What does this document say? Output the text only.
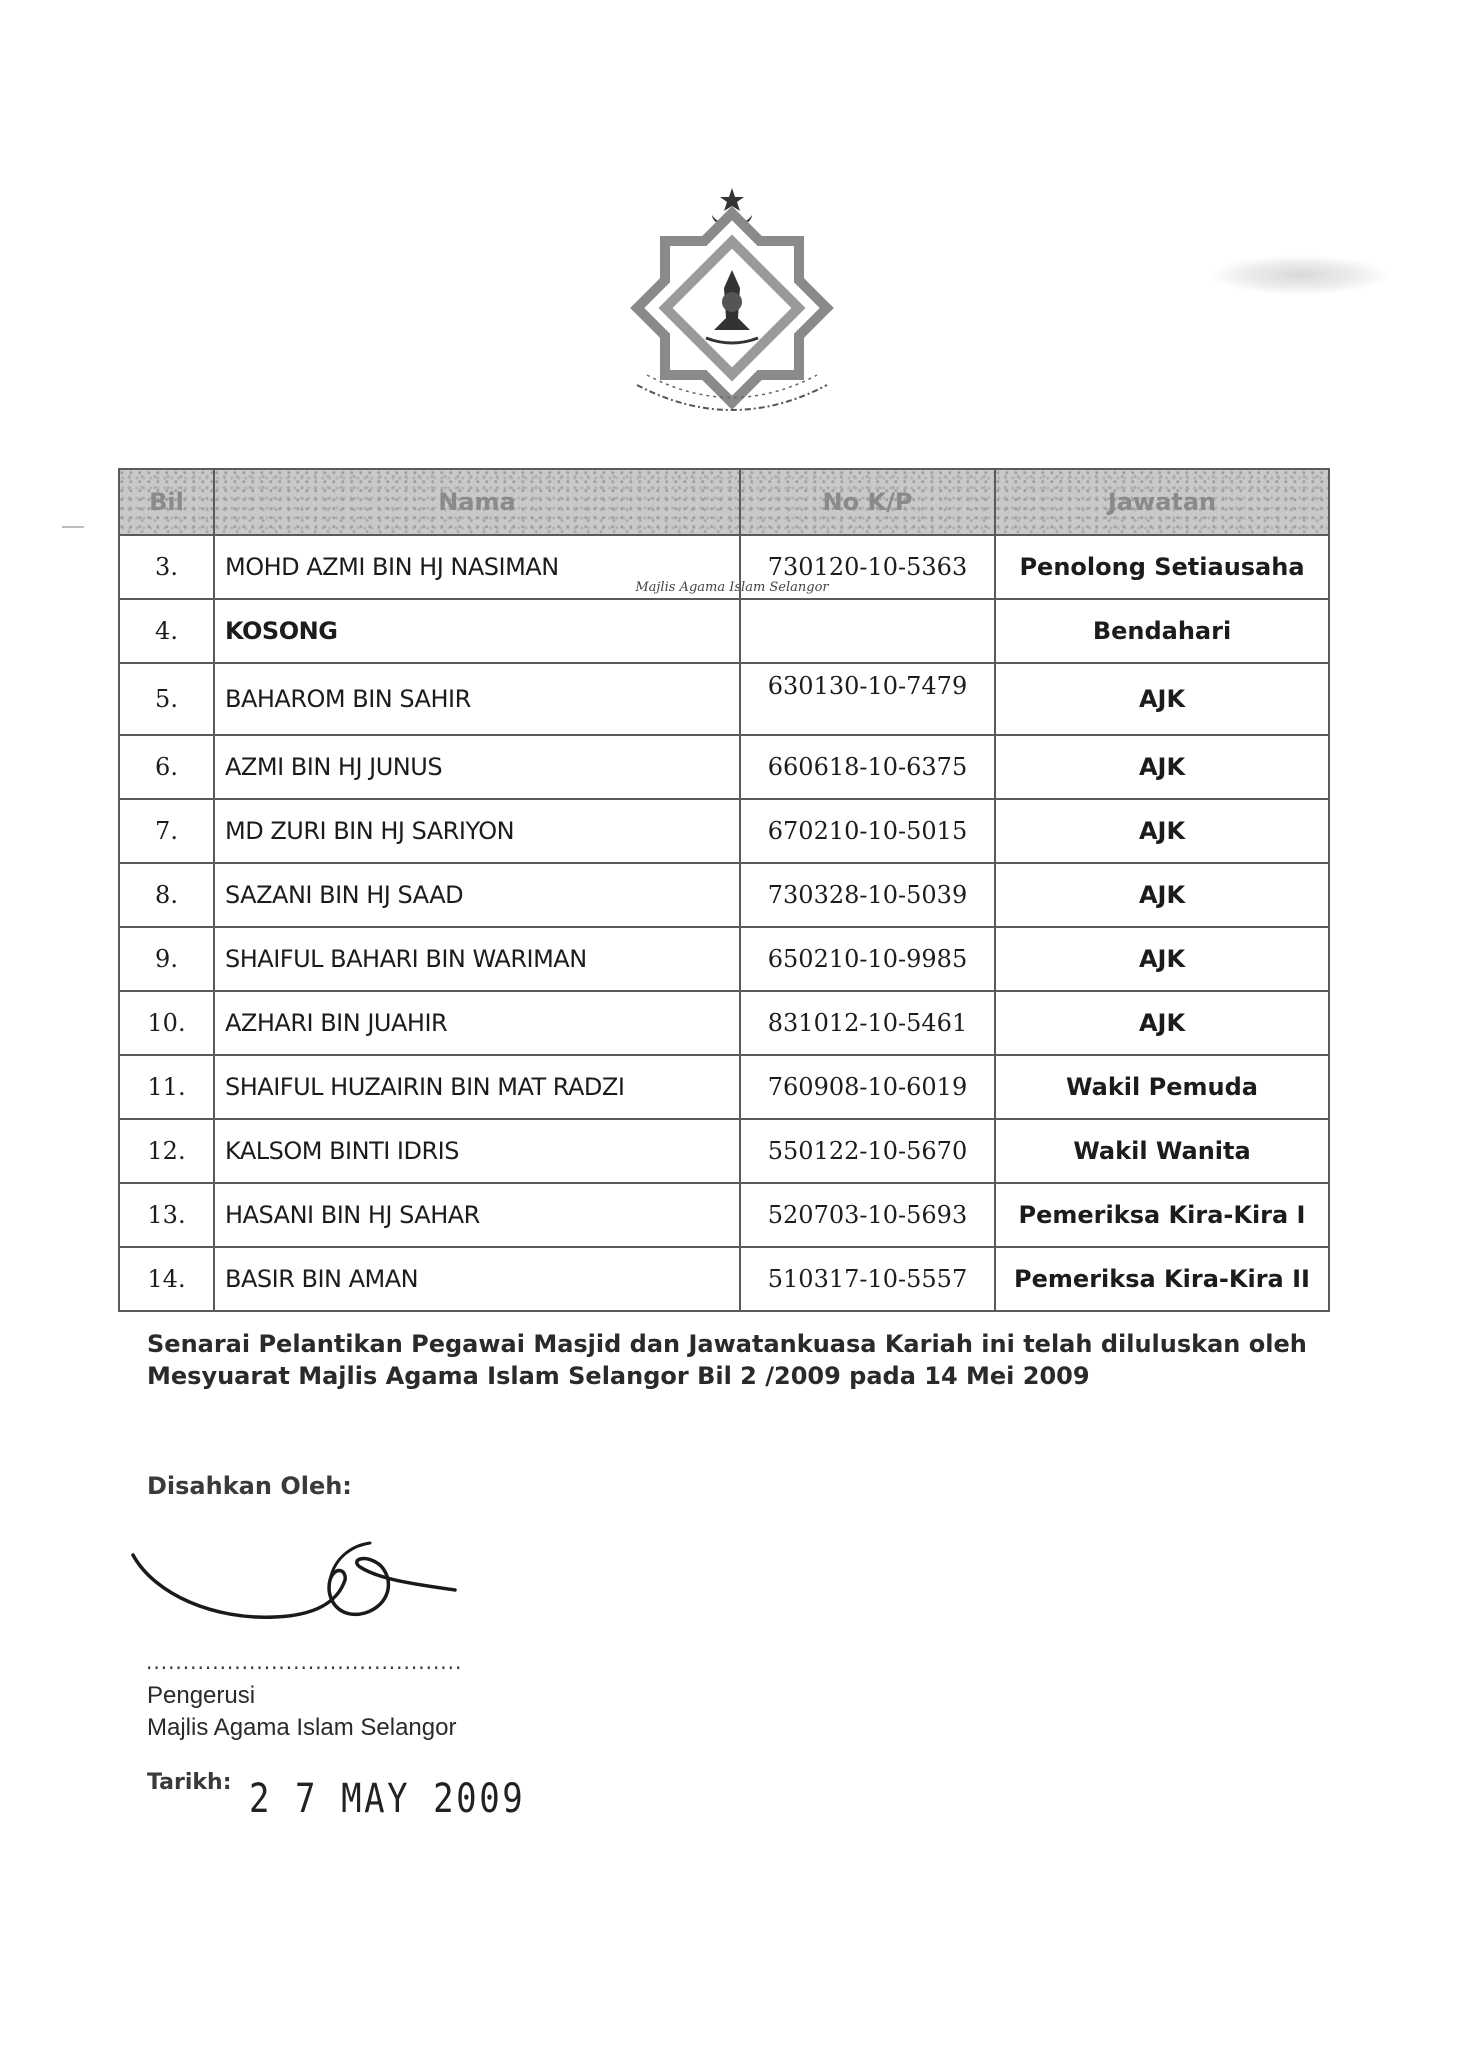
Majlis Agama Islam Selangor
Bil	Nama	No K/P	Jawatan
3.	MOHD AZMI BIN HJ NASIMAN	730120-10-5363	Penolong Setiausaha
4.	KOSONG		Bendahari
5.	BAHAROM BIN SAHIR	630130-10-7479	AJK
6.	AZMI BIN HJ JUNUS	660618-10-6375	AJK
7.	MD ZURI BIN HJ SARIYON	670210-10-5015	AJK
8.	SAZANI BIN HJ SAAD	730328-10-5039	AJK
9.	SHAIFUL BAHARI BIN WARIMAN	650210-10-9985	AJK
10.	AZHARI BIN JUAHIR	831012-10-5461	AJK
11.	SHAIFUL HUZAIRIN BIN MAT RADZI	760908-10-6019	Wakil Pemuda
12.	KALSOM BINTI IDRIS	550122-10-5670	Wakil Wanita
13.	HASANI BIN HJ SAHAR	520703-10-5693	Pemeriksa Kira-Kira I
14.	BASIR BIN AMAN	510317-10-5557	Pemeriksa Kira-Kira II
Senarai Pelantikan Pegawai Masjid dan Jawatankuasa Kariah ini telah diluluskan oleh
Mesyuarat Majlis Agama Islam Selangor Bil 2 /2009 pada 14 Mei 2009
Disahkan Oleh:
...........................................
Pengerusi
Majlis Agama Islam Selangor
Tarikh: 2 7 MAY 2009
